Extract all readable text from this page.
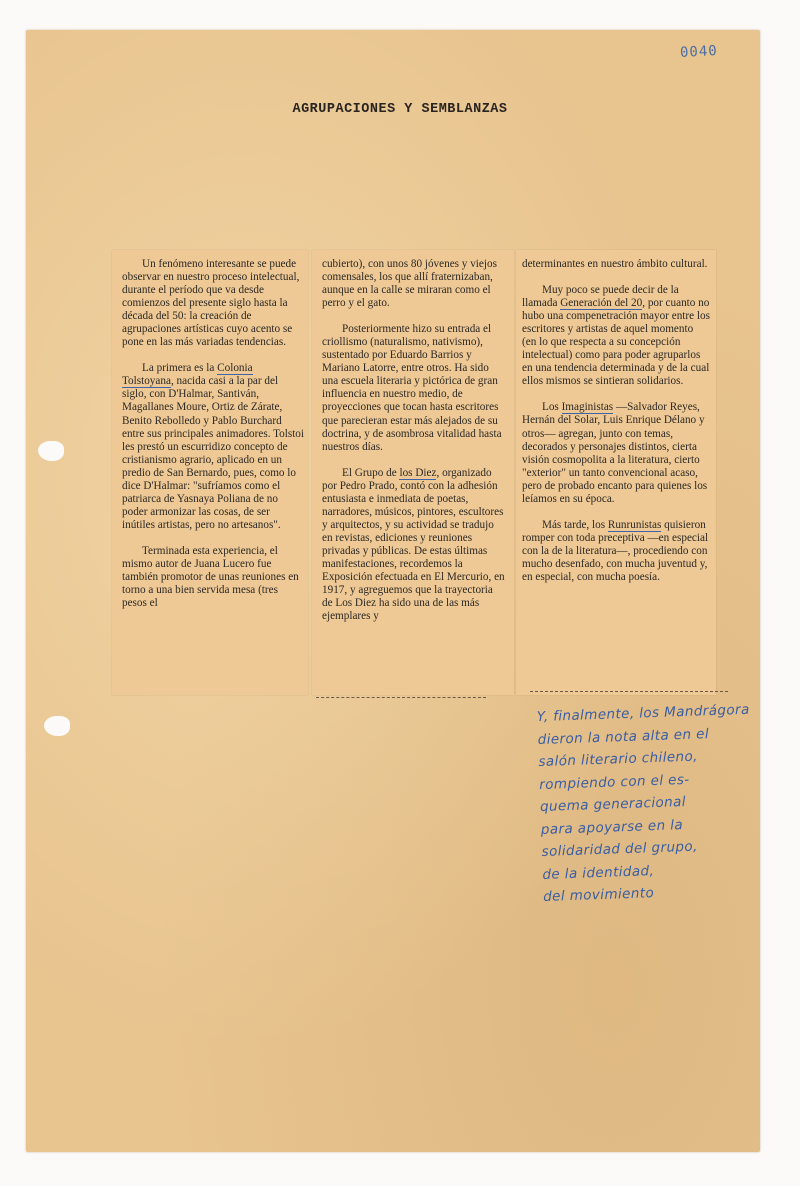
0040
AGRUPACIONES Y SEMBLANZAS

Un fenómeno interesante se puede observar en nuestro proceso intelectual, durante el período que va desde comienzos del presente siglo hasta la década del 50: la creación de agrupaciones artísticas cuyo acento se pone en las más variadas tendencias.

La primera es la Colonia Tolstoyana, nacida casi a la par del siglo, con D'Halmar, Santiván, Magallanes Moure, Ortiz de Zárate, Benito Rebolledo y Pablo Burchard entre sus principales animadores. Tolstoi les prestó un escurridizo concepto de cristianismo agrario, aplicado en un predio de San Bernardo, pues, como lo dice D'Halmar: "sufríamos como el patriarca de Yasnaya Poliana de no poder armonizar las cosas, de ser inútiles artistas, pero no artesanos".

Terminada esta experiencia, el mismo autor de Juana Lucero fue también promotor de unas reuniones en torno a una bien servida mesa (tres pesos el

cubierto), con unos 80 jóvenes y viejos comensales, los que allí fraternizaban, aunque en la calle se miraran como el perro y el gato.

Posteriormente hizo su entrada el criollismo (naturalismo, nativismo), sustentado por Eduardo Barrios y Mariano Latorre, entre otros. Ha sido una escuela literaria y pictórica de gran influencia en nuestro medio, de proyecciones que tocan hasta escritores que parecieran estar más alejados de su doctrina, y de asombrosa vitalidad hasta nuestros días.

El Grupo de los Diez, organizado por Pedro Prado, contó con la adhesión entusiasta e inmediata de poetas, narradores, músicos, pintores, escultores y arquitectos, y su actividad se tradujo en revistas, ediciones y reuniones privadas y públicas. De estas últimas manifestaciones, recordemos la Exposición efectuada en El Mercurio, en 1917, y agreguemos que la trayectoria de Los Diez ha sido una de las más ejemplares y

determinantes en nuestro ámbito cultural.

Muy poco se puede decir de la llamada Generación del 20, por cuanto no hubo una compenetración mayor entre los escritores y artistas de aquel momento (en lo que respecta a su concepción intelectual) como para poder agruparlos en una tendencia determinada y de la cual ellos mismos se sintieran solidarios.

Los Imaginistas —Salvador Reyes, Hernán del Solar, Luis Enrique Délano y otros— agregan, junto con temas, decorados y personajes distintos, cierta visión cosmopolita a la literatura, cierto "exterior" un tanto convencional acaso, pero de probado encanto para quienes los leíamos en su época.

Más tarde, los Runrunistas quisieron romper con toda preceptiva —en especial con la de la literatura—, procediendo con mucho desenfado, con mucha juventud y, en especial, con mucha poesía.

Y, finalmente, los Mandrágora
dieron la nota alta en el
salón literario chileno,
rompiendo con el es-
quema generacional
para apoyarse en la
solidaridad del grupo,
de la identidad,
del movimiento
